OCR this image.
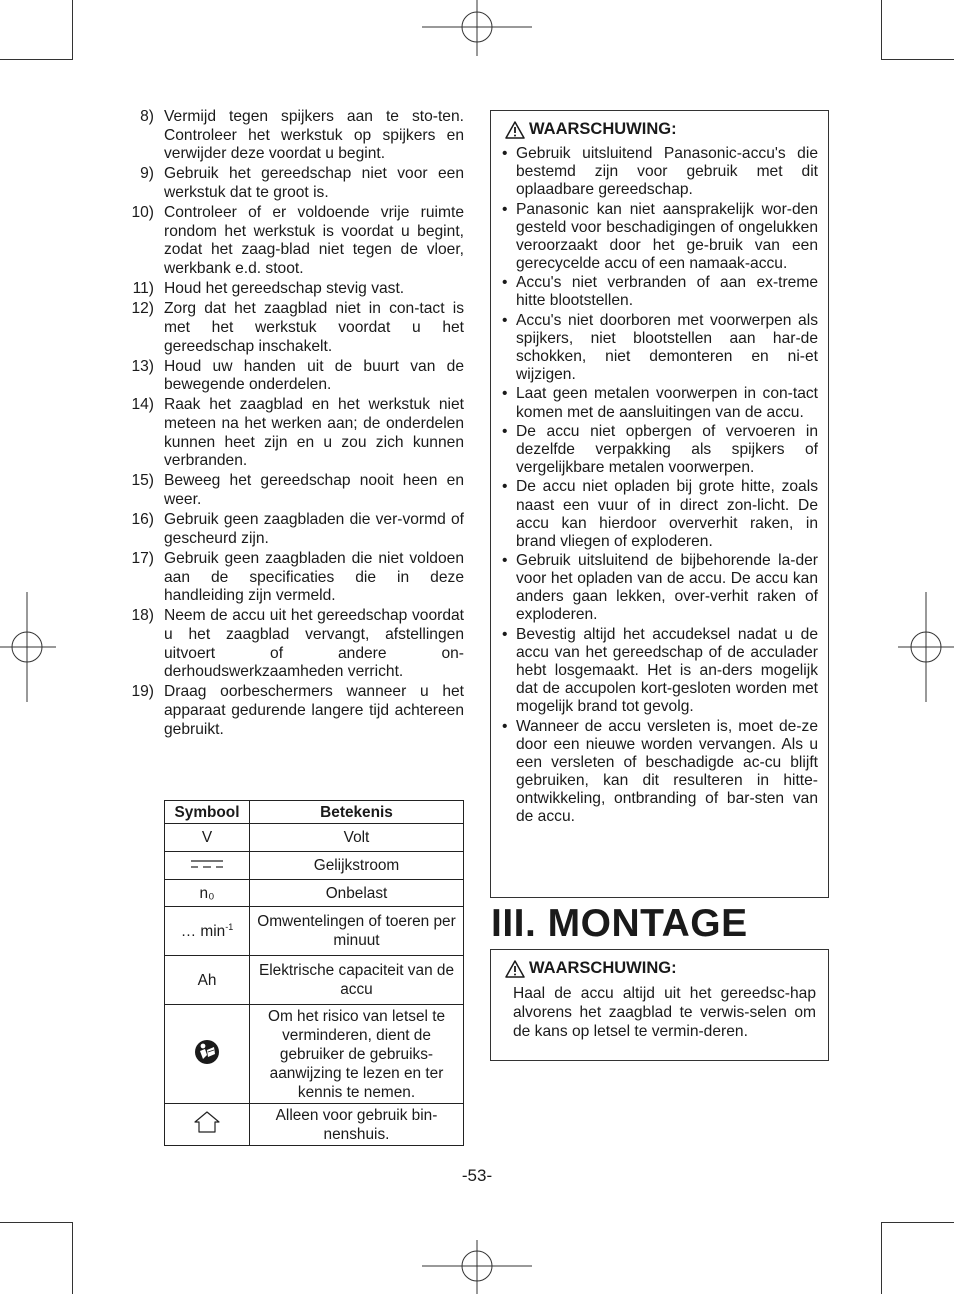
8) Vermijd tegen spijkers aan te sto-ten. Controleer het werkstuk op spijkers en verwijder deze voordat u begint.
9) Gebruik het gereedschap niet voor een werkstuk dat te groot is.
10) Controleer of er voldoende vrije ruimte rondom het werkstuk is voordat u begint, zodat het zaag-blad niet tegen de vloer, werkbank e.d. stoot.
11) Houd het gereedschap stevig vast.
12) Zorg dat het zaagblad niet in con-tact is met het werkstuk voordat u het gereedschap inschakelt.
13) Houd uw handen uit de buurt van de bewegende onderdelen.
14) Raak het zaagblad en het werkstuk niet meteen na het werken aan; de onderdelen kunnen heet zijn en u zou zich kunnen verbranden.
15) Beweeg het gereedschap nooit heen en weer.
16) Gebruik geen zaagbladen die ver-vormd of gescheurd zijn.
17) Gebruik geen zaagbladen die niet voldoen aan de specificaties die in deze handleiding zijn vermeld.
18) Neem de accu uit het gereedschap voordat u het zaagblad vervangt, afstellingen uitvoert of andere on-derhoudswerkzaamheden verricht.
19) Draag oorbeschermers wanneer u het apparaat gedurende langere tijd achtereen gebruikt.
Symbool	Betekenis
V	Volt
	Gelijkstroom
n₀	Onbelast
… $\min^{-1}$	Omwentelingen of toeren per minuut
Ah	Elektrische capaciteit van de accu
	Om het risico van letsel te verminderen, dient de gebruiker de gebruiks-aanwijzing te lezen en ter kennis te nemen.
	Alleen voor gebruik bin-nenshuis.
WAARSCHUWING:
• Gebruik uitsluitend Panasonic-accu's die bestemd zijn voor gebruik met dit oplaadbare gereedschap.
• Panasonic kan niet aansprakelijk wor-den gesteld voor beschadigingen of ongelukken veroorzaakt door het ge-bruik van een gerecycelde accu of een namaak-accu.
• Accu's niet verbranden of aan ex-treme hitte blootstellen.
• Accu's niet doorboren met voorwerpen als spijkers, niet blootstellen aan har-de schokken, niet demonteren en ni-et wijzigen.
• Laat geen metalen voorwerpen in con-tact komen met de aansluitingen van de accu.
• De accu niet opbergen of vervoeren in dezelfde verpakking als spijkers of vergelijkbare metalen voorwerpen.
• De accu niet opladen bij grote hitte, zoals naast een vuur of in direct zon-licht. De accu kan hierdoor oververhit raken, in brand vliegen of exploderen.
• Gebruik uitsluitend de bijbehorende la-der voor het opladen van de accu. De accu kan anders gaan lekken, over-verhit raken of exploderen.
• Bevestig altijd het accudeksel nadat u de accu van het gereedschap of de acculader hebt losgemaakt. Het is an-ders mogelijk dat de accupolen kort-gesloten worden met mogelijk brand tot gevolg.
• Wanneer de accu versleten is, moet de-ze door een nieuwe worden vervangen. Als u een versleten of beschadigde ac-cu blijft gebruiken, kan dit resulteren in hitte-ontwikkeling, ontbranding of bar-sten van de accu.
III. MONTAGE
WAARSCHUWING:
Haal de accu altijd uit het gereedsc-hap alvorens het zaagblad te verwis-selen om de kans op letsel te vermin-deren.
-53-
